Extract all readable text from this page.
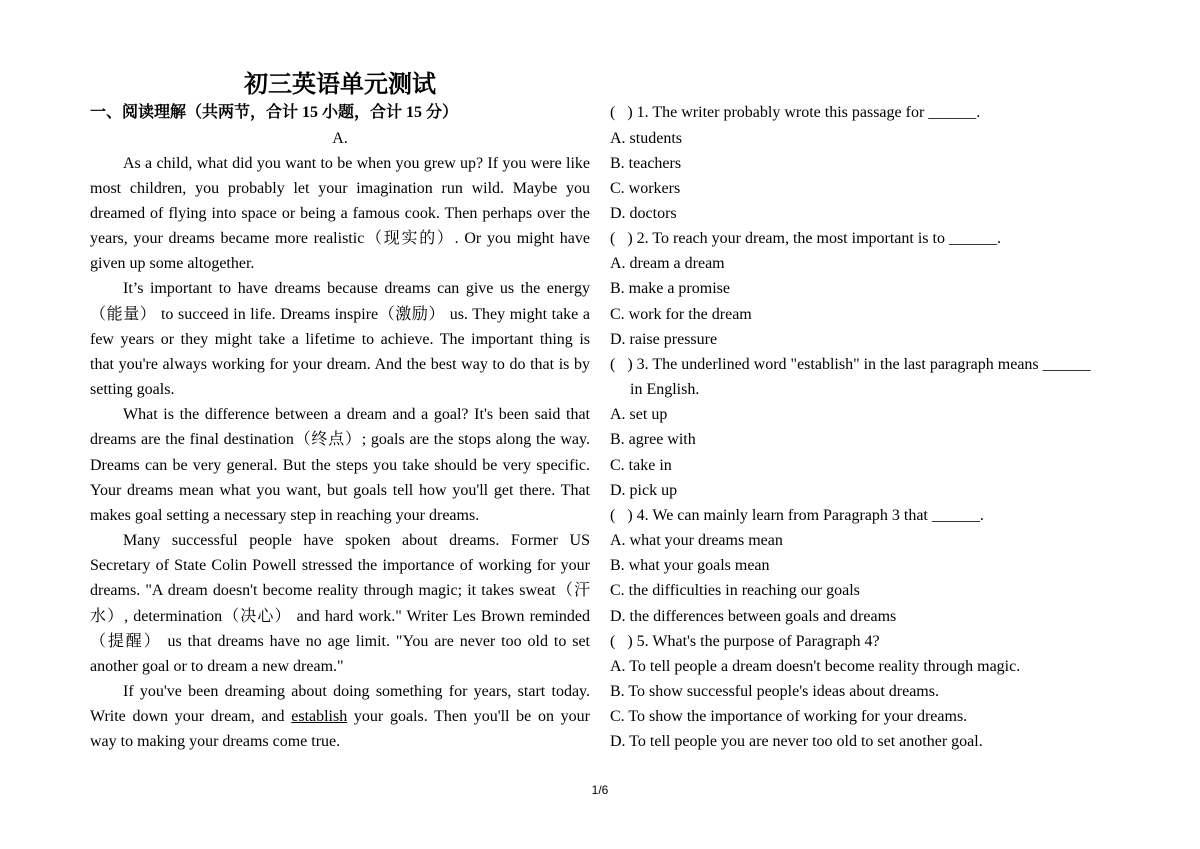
初三英语单元测试
一、阅读理解（共两节，合计 15 小题，合计 15 分）
A.
As a child, what did you want to be when you grew up? If you were like
most children, you probably let your imagination run wild. Maybe you
dreamed of flying into space or being a famous cook. Then perhaps over the
years, your dreams became more realistic（现实的）. Or you might have
given up some altogether.
It’s important to have dreams because dreams can give us the energy
（能量） to succeed in life. Dreams inspire（激励） us. They might take a
few years or they might take a lifetime to achieve. The important thing is
that you're always working for your dream. And the best way to do that is by
setting goals.
What is the difference between a dream and a goal? It's been said that
dreams are the final destination（终点）; goals are the stops along the way.
Dreams can be very general. But the steps you take should be very specific.
Your dreams mean what you want, but goals tell how you'll get there. That
makes goal setting a necessary step in reaching your dreams.
Many successful people have spoken about dreams. Former US
Secretary of State Colin Powell stressed the importance of working for your
dreams. "A dream doesn't become reality through magic; it takes sweat（汗
水）, determination（决心） and hard work." Writer Les Brown reminded
（提醒） us that dreams have no age limit. "You are never too old to set
another goal or to dream a new dream."
If you've been dreaming about doing something for years, start today.
Write down your dream, and establish your goals. Then you'll be on your
way to making your dreams come true.
(   ) 1. The writer probably wrote this passage for ______.
A. students
B. teachers
C. workers
D. doctors
(   ) 2. To reach your dream, the most important is to ______.
A. dream a dream
B. make a promise
C. work for the dream
D. raise pressure
(   ) 3. The underlined word "establish" in the last paragraph means ______
in English.
A. set up
B. agree with
C. take in
D. pick up
(   ) 4. We can mainly learn from Paragraph 3 that ______.
A. what your dreams mean
B. what your goals mean
C. the difficulties in reaching our goals
D. the differences between goals and dreams
(   ) 5. What's the purpose of Paragraph 4?
A. To tell people a dream doesn't become reality through magic.
B. To show successful people's ideas about dreams.
C. To show the importance of working for your dreams.
D. To tell people you are never too old to set another goal.
1/6
